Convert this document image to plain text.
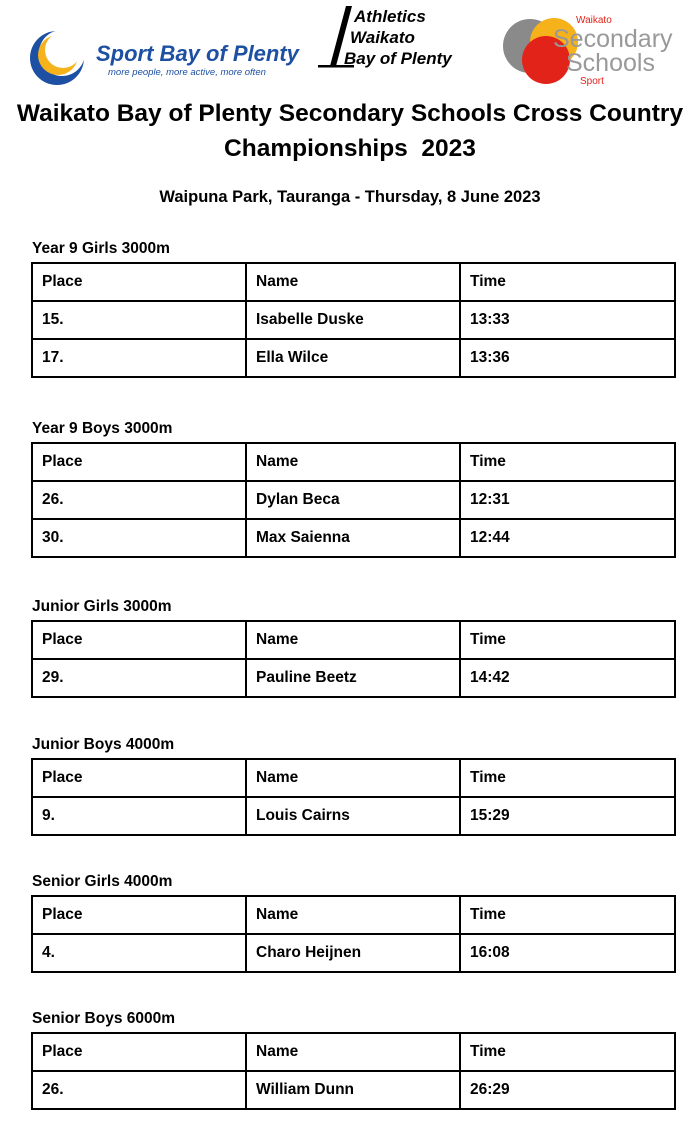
Sport Bay of Plenty
more people, more active, more often
Athletics
Waikato
Bay of Plenty
Waikato
Secondary
Schools
Sport
Waikato Bay of Plenty Secondary Schools Cross Country
Championships  2023
Waipuna Park, Tauranga - Thursday, 8 June 2023
Year 9 Girls 3000m
Place	Name	Time
15.	Isabelle Duske	13:33
17.	Ella Wilce	13:36
Year 9 Boys 3000m
Place	Name	Time
26.	Dylan Beca	12:31
30.	Max Saienna	12:44
Junior Girls 3000m
Place	Name	Time
29.	Pauline Beetz	14:42
Junior Boys 4000m
Place	Name	Time
9.	Louis Cairns	15:29
Senior Girls 4000m
Place	Name	Time
4.	Charo Heijnen	16:08
Senior Boys 6000m
Place	Name	Time
26.	William Dunn	26:29
